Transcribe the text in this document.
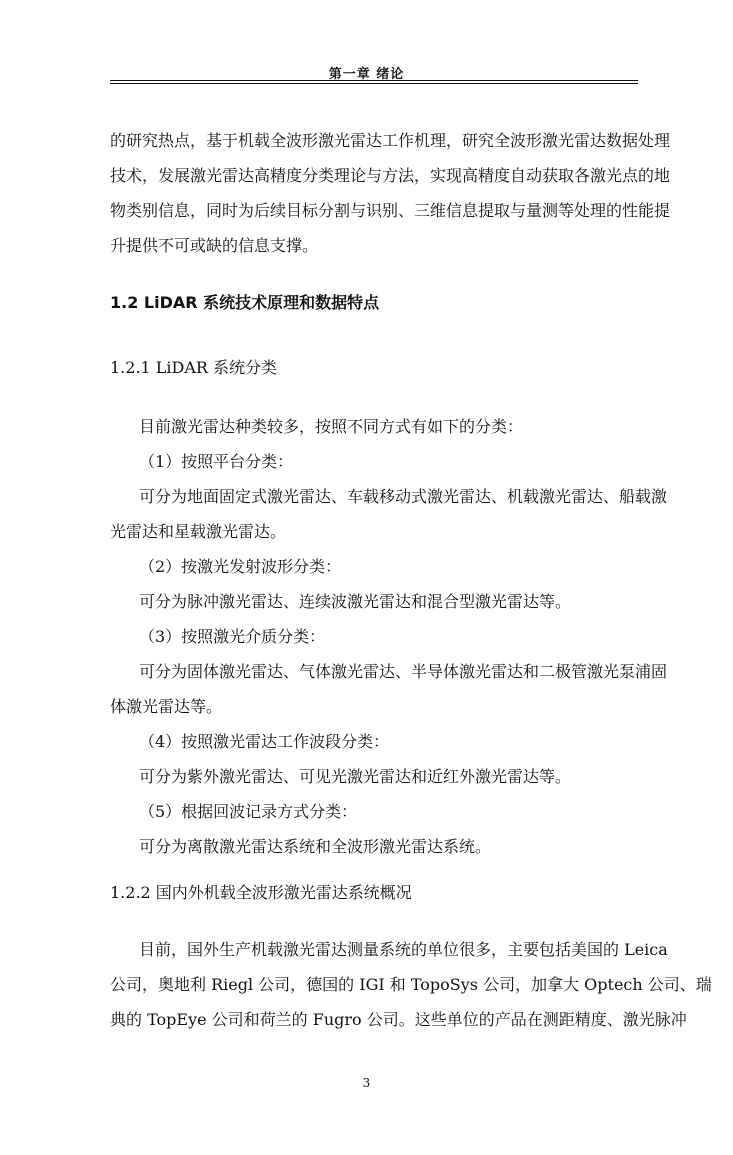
第一章 绪论
的研究热点，基于机载全波形激光雷达工作机理，研究全波形激光雷达数据处理
技术，发展激光雷达高精度分类理论与方法，实现高精度自动获取各激光点的地
物类别信息，同时为后续目标分割与识别、三维信息提取与量测等处理的性能提
升提供不可或缺的信息支撑。
1.2 LiDAR 系统技术原理和数据特点
1.2.1 LiDAR 系统分类
目前激光雷达种类较多，按照不同方式有如下的分类：
（1）按照平台分类：
可分为地面固定式激光雷达、车载移动式激光雷达、机载激光雷达、船载激
光雷达和星载激光雷达。
（2）按激光发射波形分类：
可分为脉冲激光雷达、连续波激光雷达和混合型激光雷达等。
（3）按照激光介质分类：
可分为固体激光雷达、气体激光雷达、半导体激光雷达和二极管激光泵浦固
体激光雷达等。
（4）按照激光雷达工作波段分类：
可分为紫外激光雷达、可见光激光雷达和近红外激光雷达等。
（5）根据回波记录方式分类：
可分为离散激光雷达系统和全波形激光雷达系统。
1.2.2 国内外机载全波形激光雷达系统概况
目前，国外生产机载激光雷达测量系统的单位很多，主要包括美国的 Leica
公司，奥地利 Riegl 公司，德国的 IGI 和 TopoSys 公司，加拿大 Optech 公司、瑞
典的 TopEye 公司和荷兰的 Fugro 公司。这些单位的产品在测距精度、激光脉冲
3
